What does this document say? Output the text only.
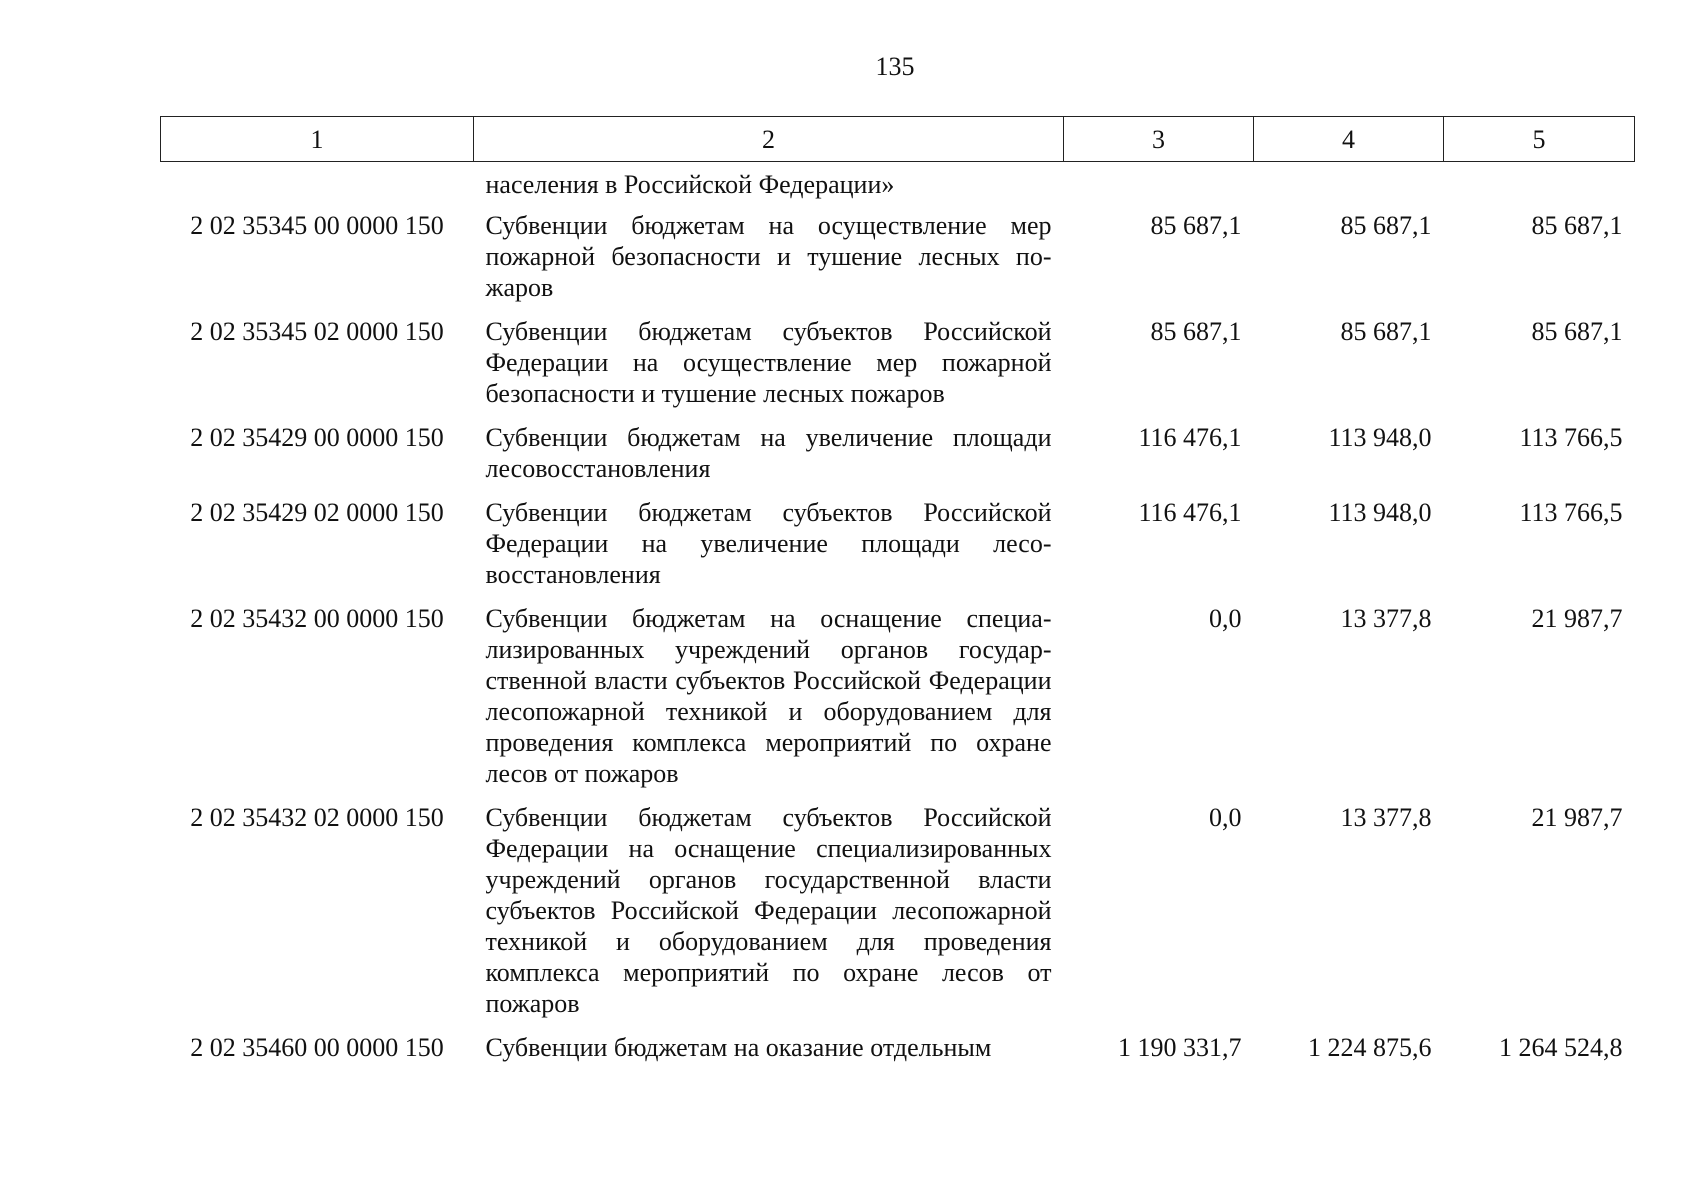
135
1	2	3	4	5
	населения в Российской Федерации»			
2 02 35345 00 0000 150	Субвенции бюджетам на осуществление мер пожарной безопасности и тушение лесных пожаров	85 687,1	85 687,1	85 687,1
2 02 35345 02 0000 150	Субвенции бюджетам субъектов Российской Федерации на осуществление мер пожарной безопасности и тушение лесных пожаров	85 687,1	85 687,1	85 687,1
2 02 35429 00 0000 150	Субвенции бюджетам на увеличение площади лесовосстановления	116 476,1	113 948,0	113 766,5
2 02 35429 02 0000 150	Субвенции бюджетам субъектов Российской Федерации на увеличение площади лесовосстановления	116 476,1	113 948,0	113 766,5
2 02 35432 00 0000 150	Субвенции бюджетам на оснащение специализированных учреждений органов государственной власти субъектов Российской Федерации лесопожарной техникой и оборудованием для проведения комплекса мероприятий по охране лесов от пожаров	0,0	13 377,8	21 987,7
2 02 35432 02 0000 150	Субвенции бюджетам субъектов Российской Федерации на оснащение специализированных учреждений органов государственной власти субъектов Российской Федерации лесопожарной техникой и оборудованием для проведения комплекса мероприятий по охране лесов от пожаров	0,0	13 377,8	21 987,7
2 02 35460 00 0000 150	Субвенции бюджетам на оказание отдельным	1 190 331,7	1 224 875,6	1 264 524,8
